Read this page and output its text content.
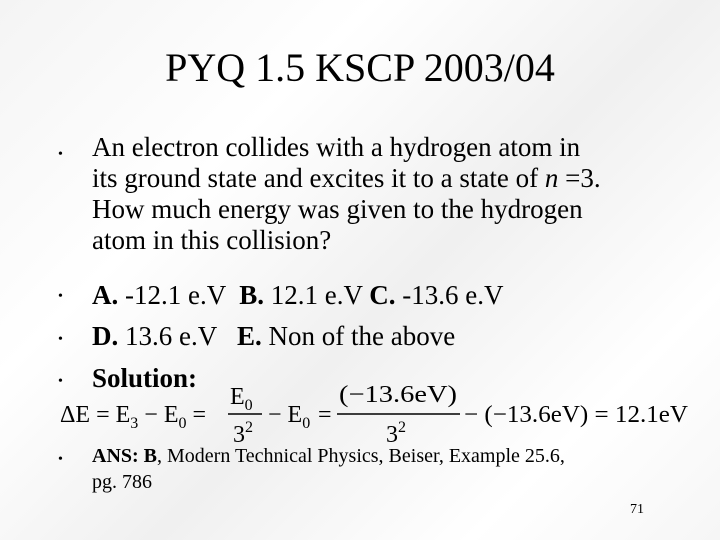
PYQ 1.5 KSCP 2003/04
•
•
•
•
•
An electron collides with a hydrogen atom in
its ground state and excites it to a state of n =3.
How much energy was given to the hydrogen
atom in this collision?
A. -12.1 e.V  B. 12.1 e.V C. -13.6 e.V
D. 13.6 e.V   E. Non of the above
Solution:
$\Delta E = E_3 - E_0$ =
$E_0$
$3^2 - E_0$ =
(−13.6eV)
$3^2 - (-13.6eV) = 12.1eV$
ANS: B, Modern Technical Physics, Beiser, Example 25.6,
pg. 786
71
